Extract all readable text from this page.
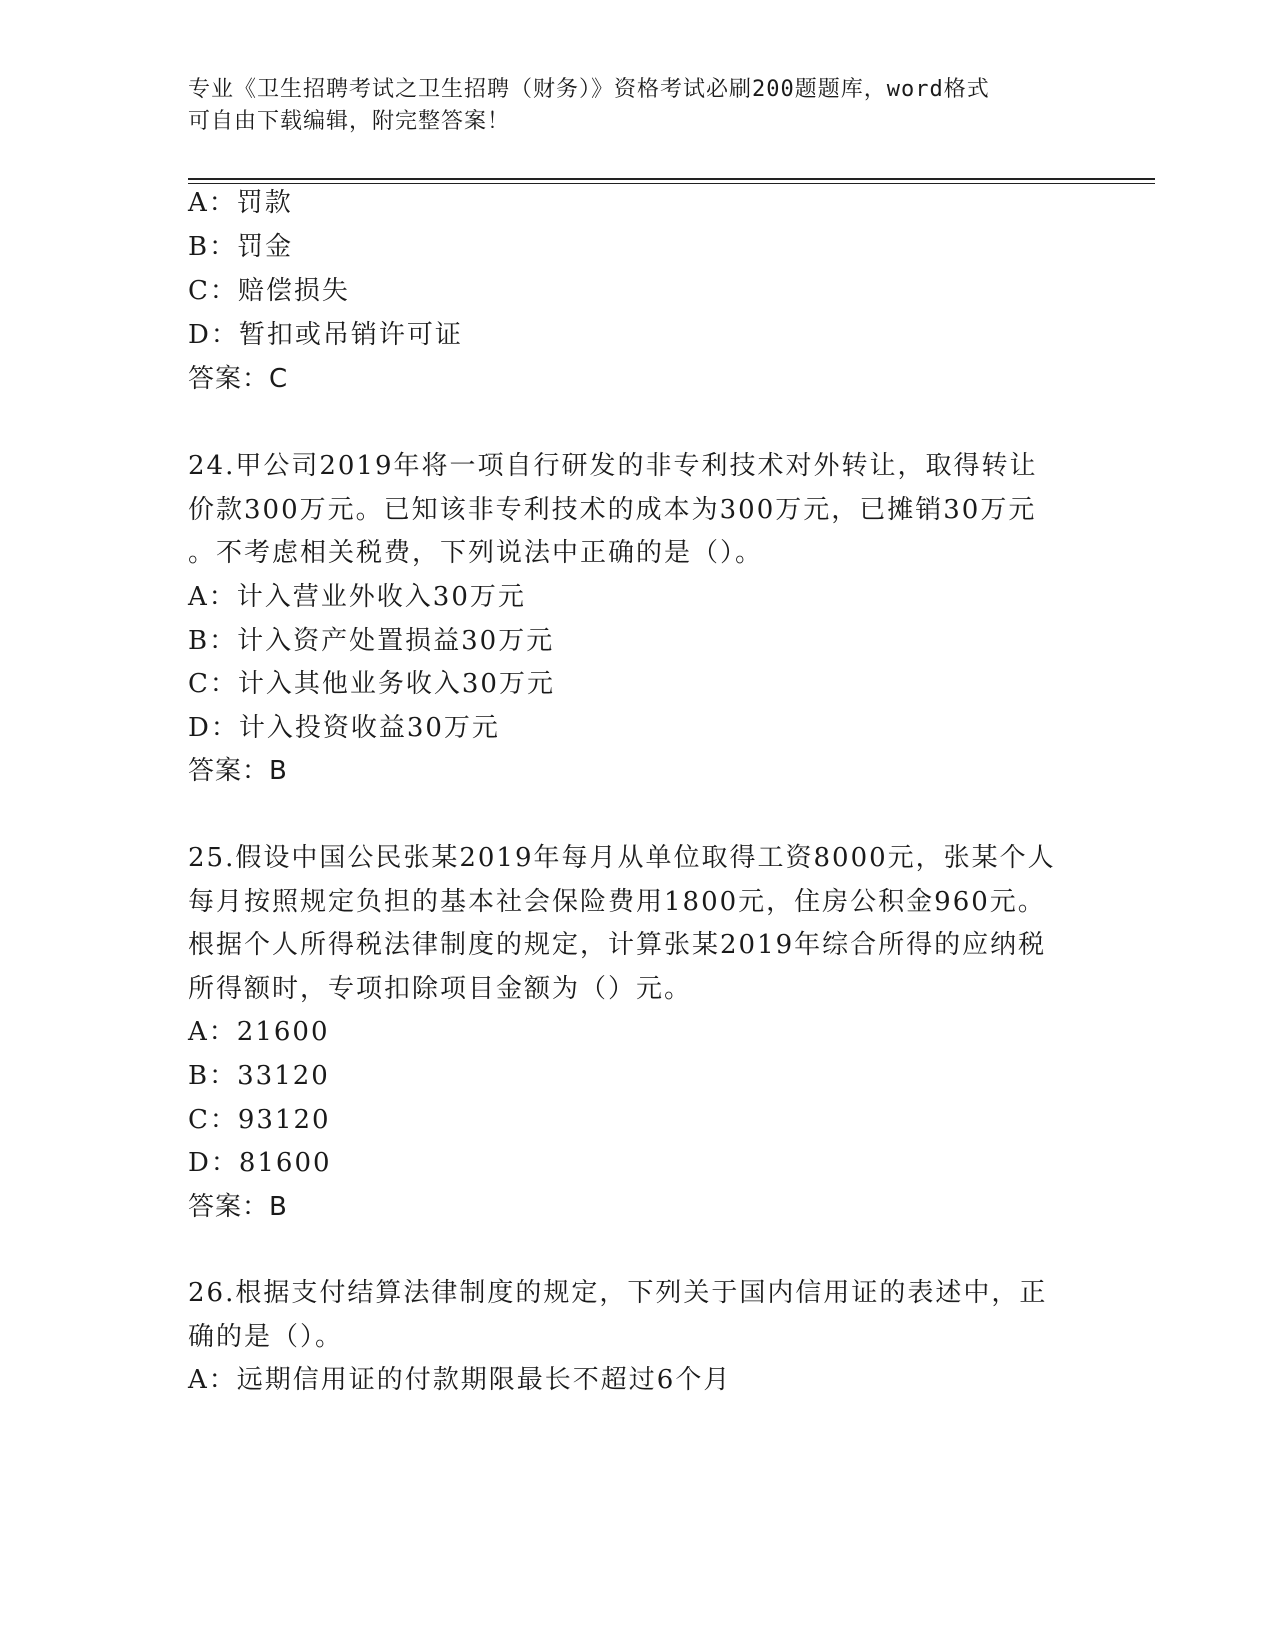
专业《卫生招聘考试之卫生招聘（财务）》资格考试必刷200题题库，word格式
可自由下载编辑，附完整答案！
A：罚款
B：罚金
C：赔偿损失
D：暂扣或吊销许可证
答案：C
24.甲公司2019年将一项自行研发的非专利技术对外转让，取得转让
价款300万元。已知该非专利技术的成本为300万元，已摊销30万元
。不考虑相关税费，下列说法中正确的是（）。
A：计入营业外收入30万元
B：计入资产处置损益30万元
C：计入其他业务收入30万元
D：计入投资收益30万元
答案：B
25.假设中国公民张某2019年每月从单位取得工资8000元，张某个人
每月按照规定负担的基本社会保险费用1800元，住房公积金960元。
根据个人所得税法律制度的规定，计算张某2019年综合所得的应纳税
所得额时，专项扣除项目金额为（）元。
A：21600
B：33120
C：93120
D：81600
答案：B
26.根据支付结算法律制度的规定，下列关于国内信用证的表述中，正
确的是（）。
A：远期信用证的付款期限最长不超过6个月
